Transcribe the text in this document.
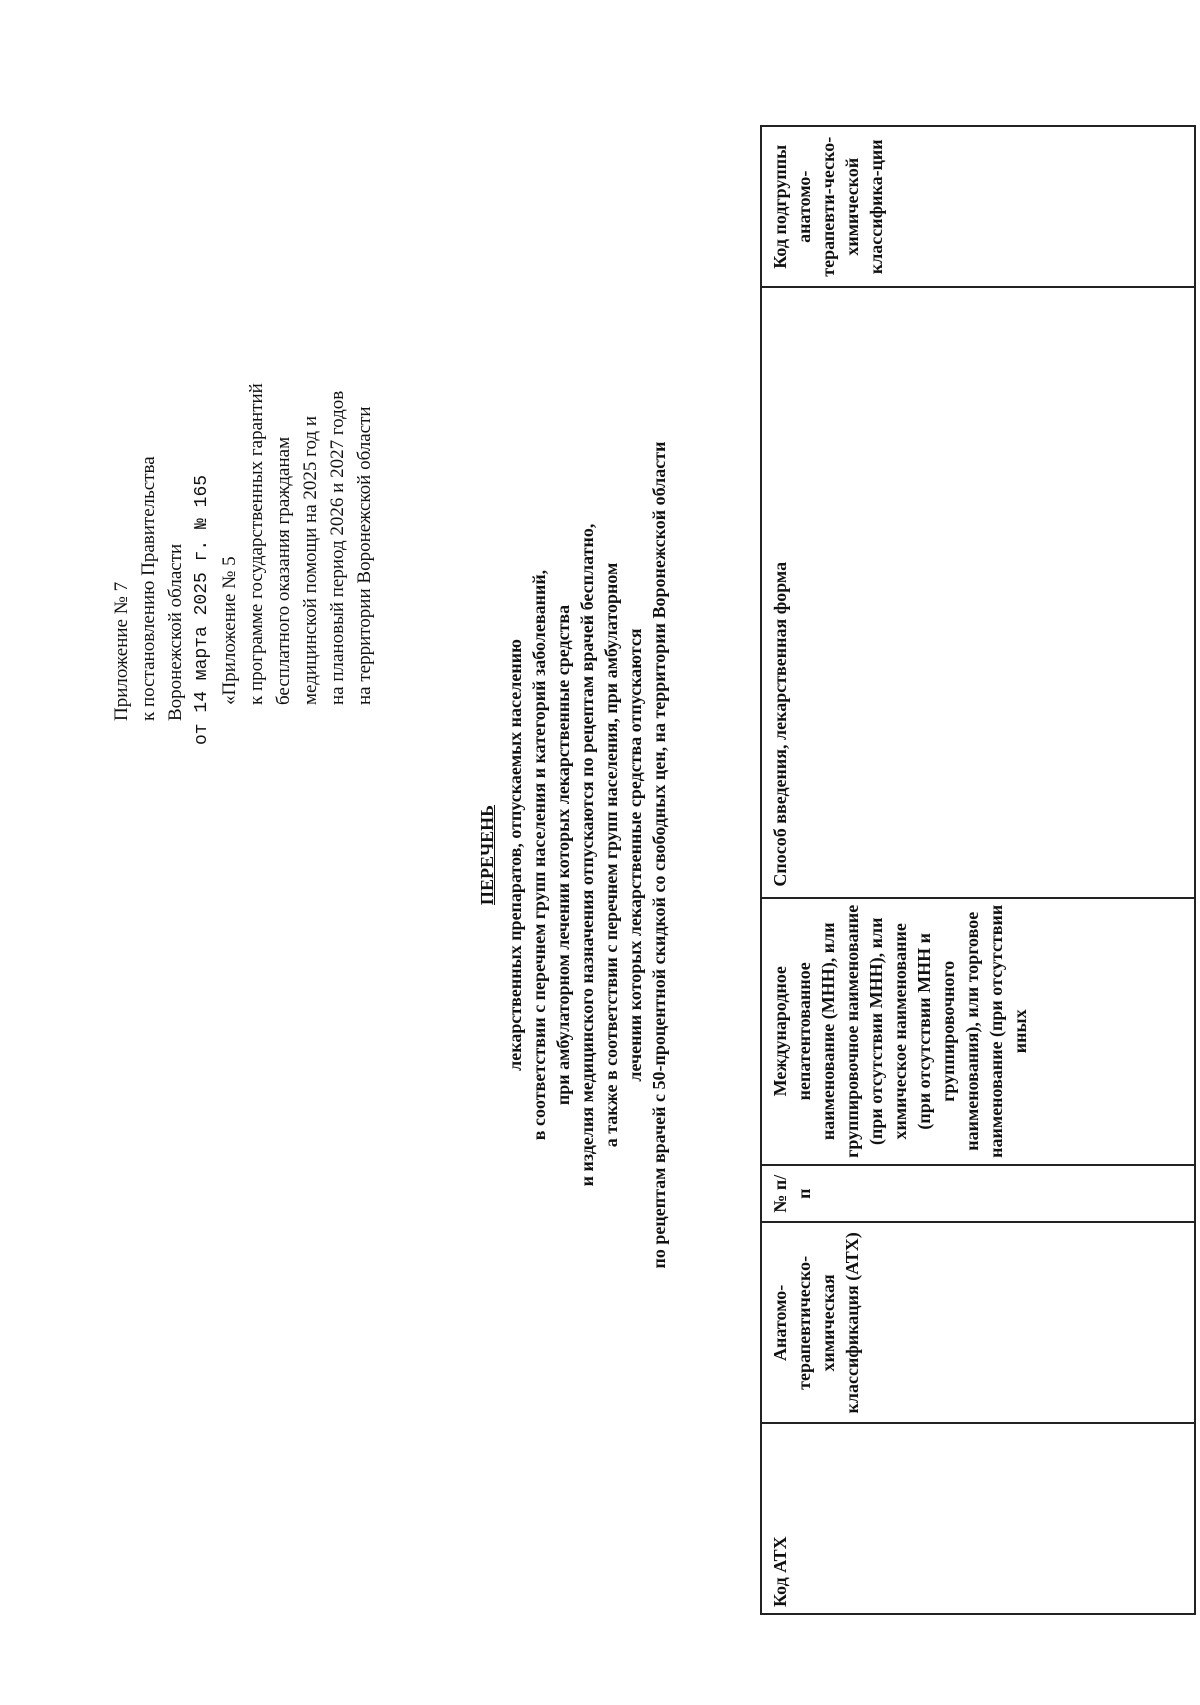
Приложение № 7 к постановлению Правительства Воронежской области от 14 марта 2025 г. № 165 «Приложение № 5 к программе государственных гарантий бесплатного оказания гражданам медицинской помощи на 2025 год и на плановый период 2026 и 2027 годов на территории Воронежской области
ПЕРЕЧЕНЬ лекарственных препаратов, отпускаемых населению в соответствии с перечнем групп населения и категорий заболеваний, при амбулаторном лечении которых лекарственные средства и изделия медицинского назначения отпускаются по рецептам врачей бесплатно, а также в соответствии с перечнем групп населения, при амбулаторном лечении которых лекарственные средства отпускаются по рецептам врачей с 50-процентной скидкой со свободных цен, на территории Воронежской области
Код АТХ	Анатомо-терапевтическо-химическая классификация (АТХ)	№ п/п	Международное непатентованное наименование (МНН), или группировочное наименование (при отсутствии МНН), или химическое наименование (при отсутствии МНН и группировочного наименования), или торговое наименование (при отсутствии иных	Способ введения, лекарственная форма	Код подгруппы анатомо-терапевти-ческо-химической классифика-ции
